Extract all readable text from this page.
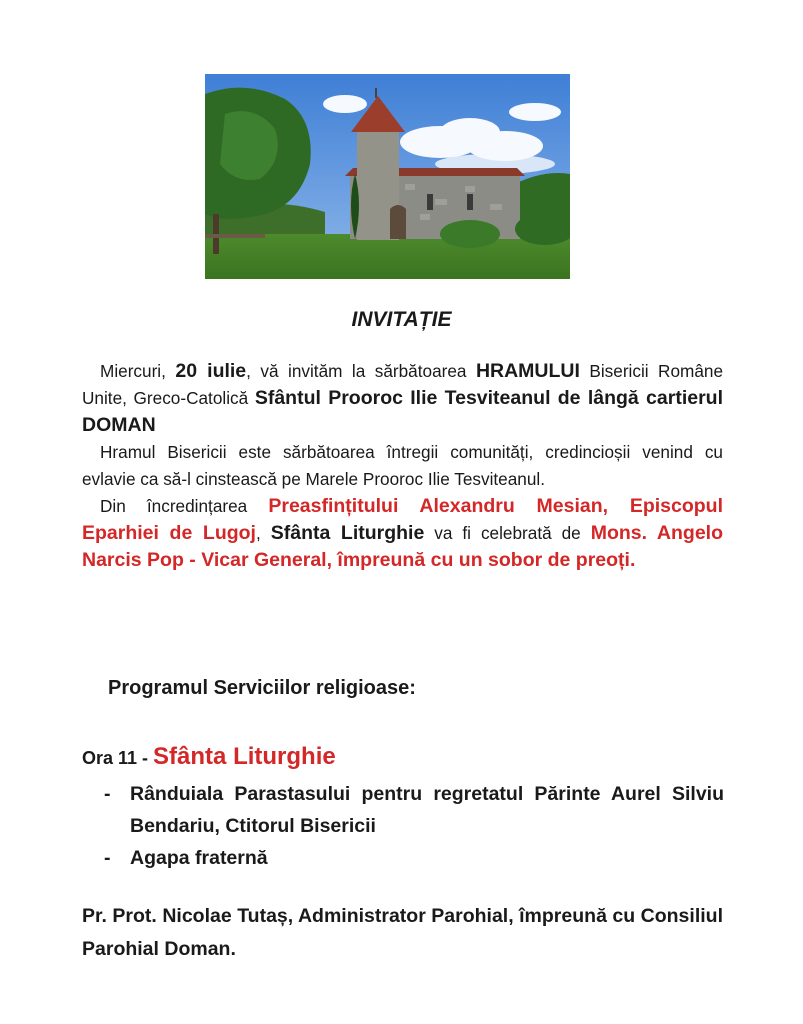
INVITAȚIE

Miercuri, 20 iulie, vă invităm la sărbătoarea HRAMULUI Bisericii Române Unite, Greco-Catolică Sfântul Prooroc Ilie Tesviteanul de lângă cartierul DOMAN

Hramul Bisericii este sărbătoarea întregii comunități, credincioșii venind cu evlavie ca să-l cinstească pe Marele Prooroc Ilie Tesviteanul.

Din încredințarea Preasfințitului Alexandru Mesian, Episcopul Eparhiei de Lugoj, Sfânta Liturghie va fi celebrată de Mons. Angelo Narcis Pop - Vicar General, împreună cu un sobor de preoți.

Programul Serviciilor religioase:
Ora 11 - Sfânta Liturghie
-	Rânduiala Parastasului pentru regretatul Părinte Aurel Silviu Bendariu, Ctitorul Bisericii
-	Agapa fraternă
Pr. Prot. Nicolae Tutaș, Administrator Parohial, împreună cu Consiliul Parohial Doman.
